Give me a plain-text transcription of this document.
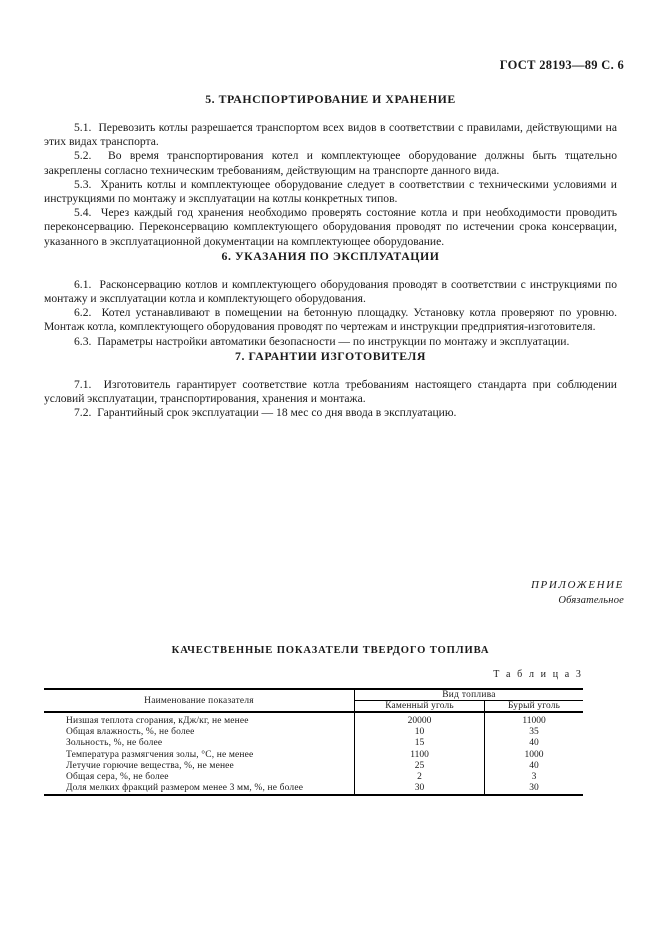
ГОСТ 28193—89 С. 6
5. ТРАНСПОРТИРОВАНИЕ И ХРАНЕНИЕ

5.1. Перевозить котлы разрешается транспортом всех видов в соответствии с правилами, действующими на этих видах транспорта.

5.2. Во время транспортирования котел и комплектующее оборудование должны быть тщательно закреплены согласно техническим требованиям, действующим на транспорте данного вида.

5.3. Хранить котлы и комплектующее оборудование следует в соответствии с техническими условиями и инструкциями по монтажу и эксплуатации на котлы конкретных типов.

5.4. Через каждый год хранения необходимо проверять состояние котла и при необходимости проводить переконсервацию. Переконсервацию комплектующего оборудования проводят по истечении срока консервации, указанного в эксплуатационной документации на комплектующее оборудование.

6. УКАЗАНИЯ ПО ЭКСПЛУАТАЦИИ

6.1. Расконсервацию котлов и комплектующего оборудования проводят в соответствии с инструкциями по монтажу и эксплуатации котла и комплектующего оборудования.

6.2. Котел устанавливают в помещении на бетонную площадку. Установку котла проверяют по уровню. Монтаж котла, комплектующего оборудования проводят по чертежам и инструкции предприятия-изготовителя.

6.3. Параметры настройки автоматики безопасности — по инструкции по монтажу и эксплуатации.

7. ГАРАНТИИ ИЗГОТОВИТЕЛЯ

7.1. Изготовитель гарантирует соответствие котла требованиям настоящего стандарта при соблюдении условий эксплуатации, транспортирования, хранения и монтажа.

7.2. Гарантийный срок эксплуатации — 18 мес со дня ввода в эксплуатацию.

ПРИЛОЖЕНИЕ
Обязательное
КАЧЕСТВЕННЫЕ ПОКАЗАТЕЛИ ТВЕРДОГО ТОПЛИВА
Т а б л и ц а 3

Наименование показателя	Вид топлива	
	Каменный уголь	Бурый уголь
Низшая теплота сгорания, кДж/кг, не менее	20000	11000
Общая влажность, %, не более	10	35
Зольность, %, не более	15	40
Температура размягчения золы, °С, не менее	1100	1000
Летучие горючие вещества, %, не менее	25	40
Общая сера, %, не более	2	3
Доля мелких фракций размером менее 3 мм, %, не более	30	30
